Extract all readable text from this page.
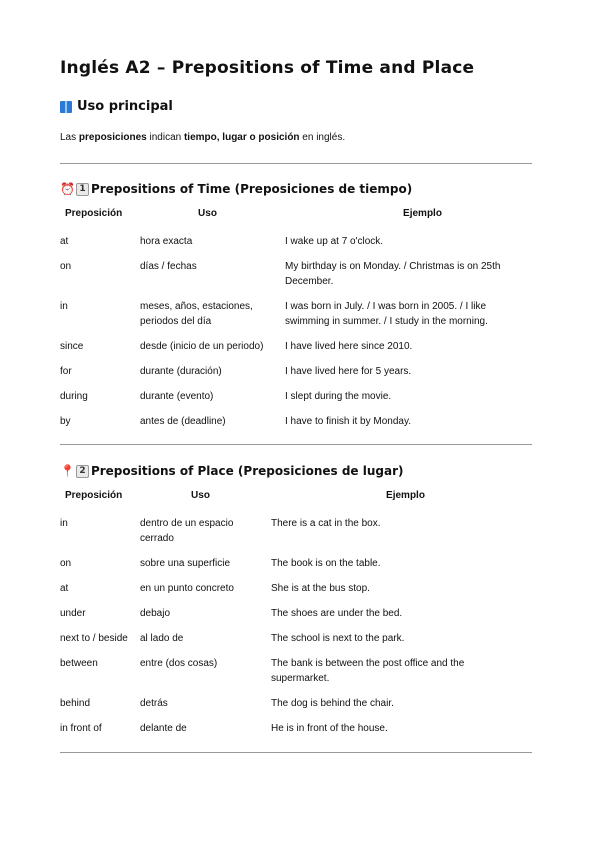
Inglés A2 – Prepositions of Time and Place
Uso principal

Las preposiciones indican tiempo, lugar o posición en inglés.

⏰ 1 Prepositions of Time (Preposiciones de tiempo)
Preposición	Uso	Ejemplo
at	hora exacta	I wake up at 7 o'clock.
on	días / fechas	My birthday is on Monday. / Christmas is on 25th December.
in	meses, años, estaciones, periodos del día	I was born in July. / I was born in 2005. / I like swimming in summer. / I study in the morning.
since	desde (inicio de un periodo)	I have lived here since 2010.
for	durante (duración)	I have lived here for 5 years.
during	durante (evento)	I slept during the movie.
by	antes de (deadline)	I have to finish it by Monday.
📍 2 Prepositions of Place (Preposiciones de lugar)
Preposición	Uso	Ejemplo
in	dentro de un espacio cerrado	There is a cat in the box.
on	sobre una superficie	The book is on the table.
at	en un punto concreto	She is at the bus stop.
under	debajo	The shoes are under the bed.
next to / beside	al lado de	The school is next to the park.
between	entre (dos cosas)	The bank is between the post office and the supermarket.
behind	detrás	The dog is behind the chair.
in front of	delante de	He is in front of the house.
